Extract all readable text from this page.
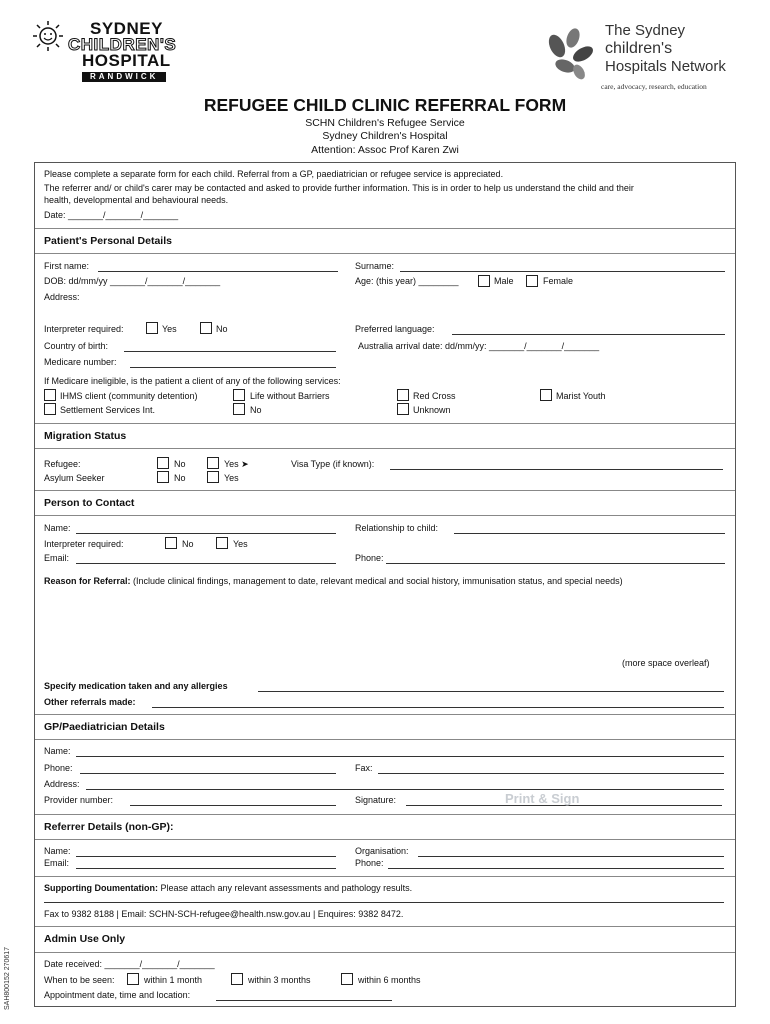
SYDNEY
CHILDREN'S
HOSPITAL
RANDWICK
The Sydney
children's
Hospitals Network
care, advocacy, research, education
REFUGEE CHILD CLINIC REFERRAL FORM
SCHN Children's Refugee Service
Sydney Children's Hospital
Attention: Assoc Prof Karen Zwi
Please complete a separate form for each child. Referral from a GP, paediatrician or refugee service is appreciated.
The referrer and/ or child's carer may be contacted and asked to provide further information. This is in order to help us understand the child and their
health, developmental and behavioural needs.
Date: _______/_______/_______
Patient's Personal Details
First name:	Surname:
DOB: dd/mm/yy _______/_______/_______	Age: (this year) ________	Male	Female
Address:
Interpreter required:	Yes	No	Preferred language:
Country of birth:	Australia arrival date: dd/mm/yy: _______/_______/_______
Medicare number:
If Medicare ineligible, is the patient a client of any of the following services:
IHMS client (community detention)	Life without Barriers	Red Cross	Marist Youth
Settlement Services Int.	No	Unknown
Migration Status
Refugee:	No	Yes ➤	Visa Type (if known):
Asylum Seeker	No	Yes
Person to Contact
Name:	Relationship to child:
Interpreter required:	No	Yes
Email:	Phone:
Reason for Referral: (Include clinical findings, management to date, relevant medical and social history, immunisation status, and special needs)
(more space overleaf)
Specify medication taken and any allergies
Other referrals made:
GP/Paediatrician Details
Name:
Phone:	Fax:
Address:
Provider number:	Signature:	Print & Sign
Referrer Details (non-GP):
Name:	Organisation:
Email:	Phone:
Supporting Doumentation: Please attach any relevant assessments and pathology results.
Fax to 9382 8188 | Email: SCHN-SCH-refugee@health.nsw.gov.au | Enquires: 9382 8472.
Admin Use Only
Date received: _______/_______/_______
When to be seen:	within 1 month	within 3 months	within 6 months
Appointment date, time and location:
SAH800152 270617
